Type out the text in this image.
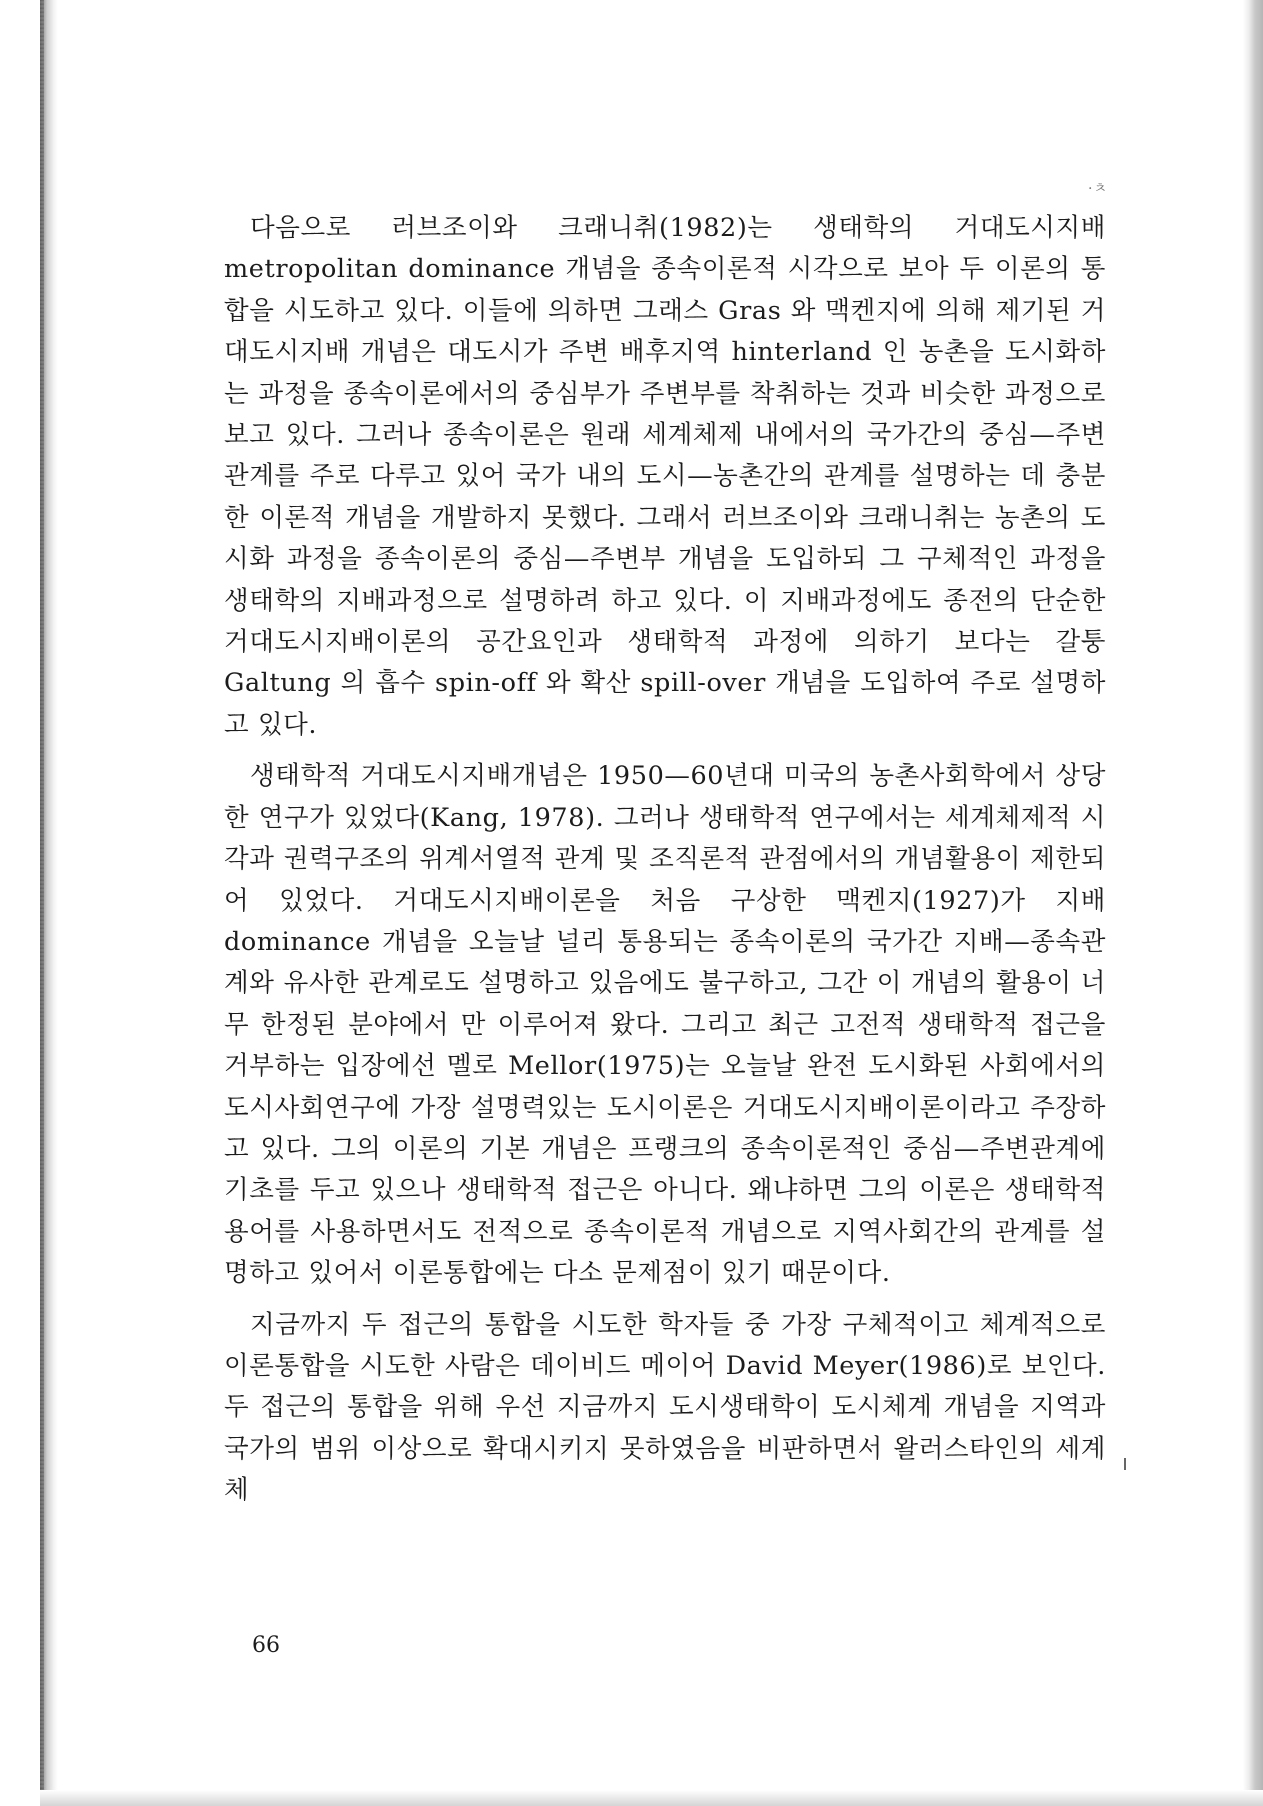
·ㅊ

다음으로 러브조이와 크래니취(1982)는 생태학의 거대도시지배 metropolitan dominance 개념을 종속이론적 시각으로 보아 두 이론의 통합을 시도하고 있다. 이들에 의하면 그래스 Gras 와 맥켄지에 의해 제기된 거대도시지배 개념은 대도시가 주변 배후지역 hinterland 인 농촌을 도시화하는 과정을 종속이론에서의 중심부가 주변부를 착취하는 것과 비슷한 과정으로 보고 있다. 그러나 종속이론은 원래 세계체제 내에서의 국가간의 중심—주변관계를 주로 다루고 있어 국가 내의 도시—농촌간의 관계를 설명하는 데 충분한 이론적 개념을 개발하지 못했다. 그래서 러브조이와 크래니취는 농촌의 도시화 과정을 종속이론의 중심—주변부 개념을 도입하되 그 구체적인 과정을 생태학의 지배과정으로 설명하려 하고 있다. 이 지배과정에도 종전의 단순한 거대도시지배이론의 공간요인과 생태학적 과정에 의하기 보다는 갈퉁 Galtung 의 흡수 spin-off 와 확산 spill-over 개념을 도입하여 주로 설명하고 있다.

생태학적 거대도시지배개념은 1950—60년대 미국의 농촌사회학에서 상당한 연구가 있었다(Kang, 1978). 그러나 생태학적 연구에서는 세계체제적 시각과 권력구조의 위계서열적 관계 및 조직론적 관점에서의 개념활용이 제한되어 있었다. 거대도시지배이론을 처음 구상한 맥켄지(1927)가 지배 dominance 개념을 오늘날 널리 통용되는 종속이론의 국가간 지배—종속관계와 유사한 관계로도 설명하고 있음에도 불구하고, 그간 이 개념의 활용이 너무 한정된 분야에서 만 이루어져 왔다. 그리고 최근 고전적 생태학적 접근을 거부하는 입장에선 멜로 Mellor(1975)는 오늘날 완전 도시화된 사회에서의 도시사회연구에 가장 설명력있는 도시이론은 거대도시지배이론이라고 주장하고 있다. 그의 이론의 기본 개념은 프랭크의 종속이론적인 중심—주변관계에 기초를 두고 있으나 생태학적 접근은 아니다. 왜냐하면 그의 이론은 생태학적 용어를 사용하면서도 전적으로 종속이론적 개념으로 지역사회간의 관계를 설명하고 있어서 이론통합에는 다소 문제점이 있기 때문이다.

지금까지 두 접근의 통합을 시도한 학자들 중 가장 구체적이고 체계적으로 이론통합을 시도한 사람은 데이비드 메이어 David Meyer(1986)로 보인다. 두 접근의 통합을 위해 우선 지금까지 도시생태학이 도시체계 개념을 지역과 국가의 범위 이상으로 확대시키지 못하였음을 비판하면서 왈러스타인의 세계체

66
